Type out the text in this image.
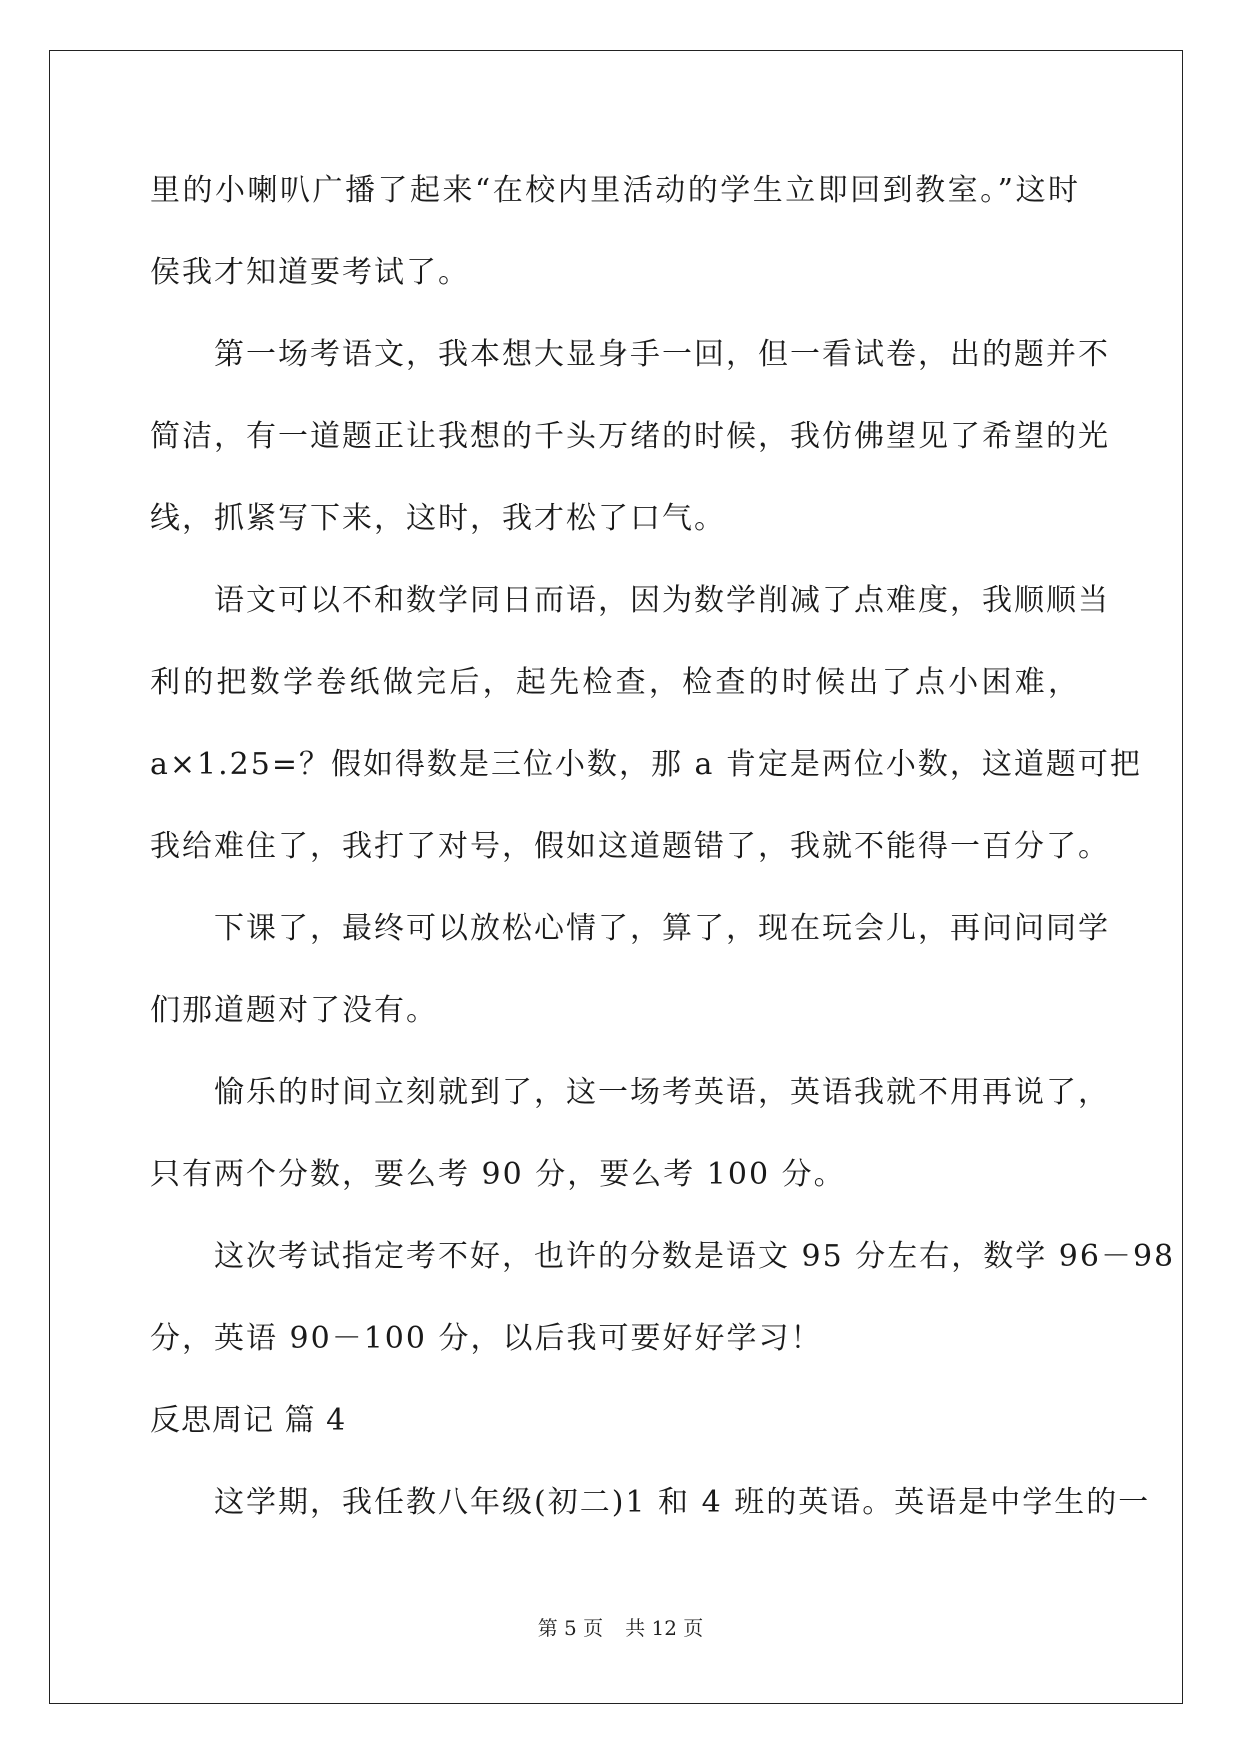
里的小喇叭广播了起来“在校内里活动的学生立即回到教室。”这时
侯我才知道要考试了。
第一场考语文，我本想大显身手一回，但一看试卷，出的题并不
简洁，有一道题正让我想的千头万绪的时候，我仿佛望见了希望的光
线，抓紧写下来，这时，我才松了口气。
语文可以不和数学同日而语，因为数学削减了点难度，我顺顺当
利的把数学卷纸做完后，起先检查，检查的时候出了点小困难，
a×1.25=？假如得数是三位小数，那 a 肯定是两位小数，这道题可把
我给难住了，我打了对号，假如这道题错了，我就不能得一百分了。
下课了，最终可以放松心情了，算了，现在玩会儿，再问问同学
们那道题对了没有。
愉乐的时间立刻就到了，这一场考英语，英语我就不用再说了，
只有两个分数，要么考 90 分，要么考 100 分。
这次考试指定考不好，也许的分数是语文 95 分左右，数学 96－98
分，英语 90－100 分，以后我可要好好学习！
反思周记 篇 4
这学期，我任教八年级(初二)1 和 4 班的英语。英语是中学生的一
第 5 页 共 12 页
